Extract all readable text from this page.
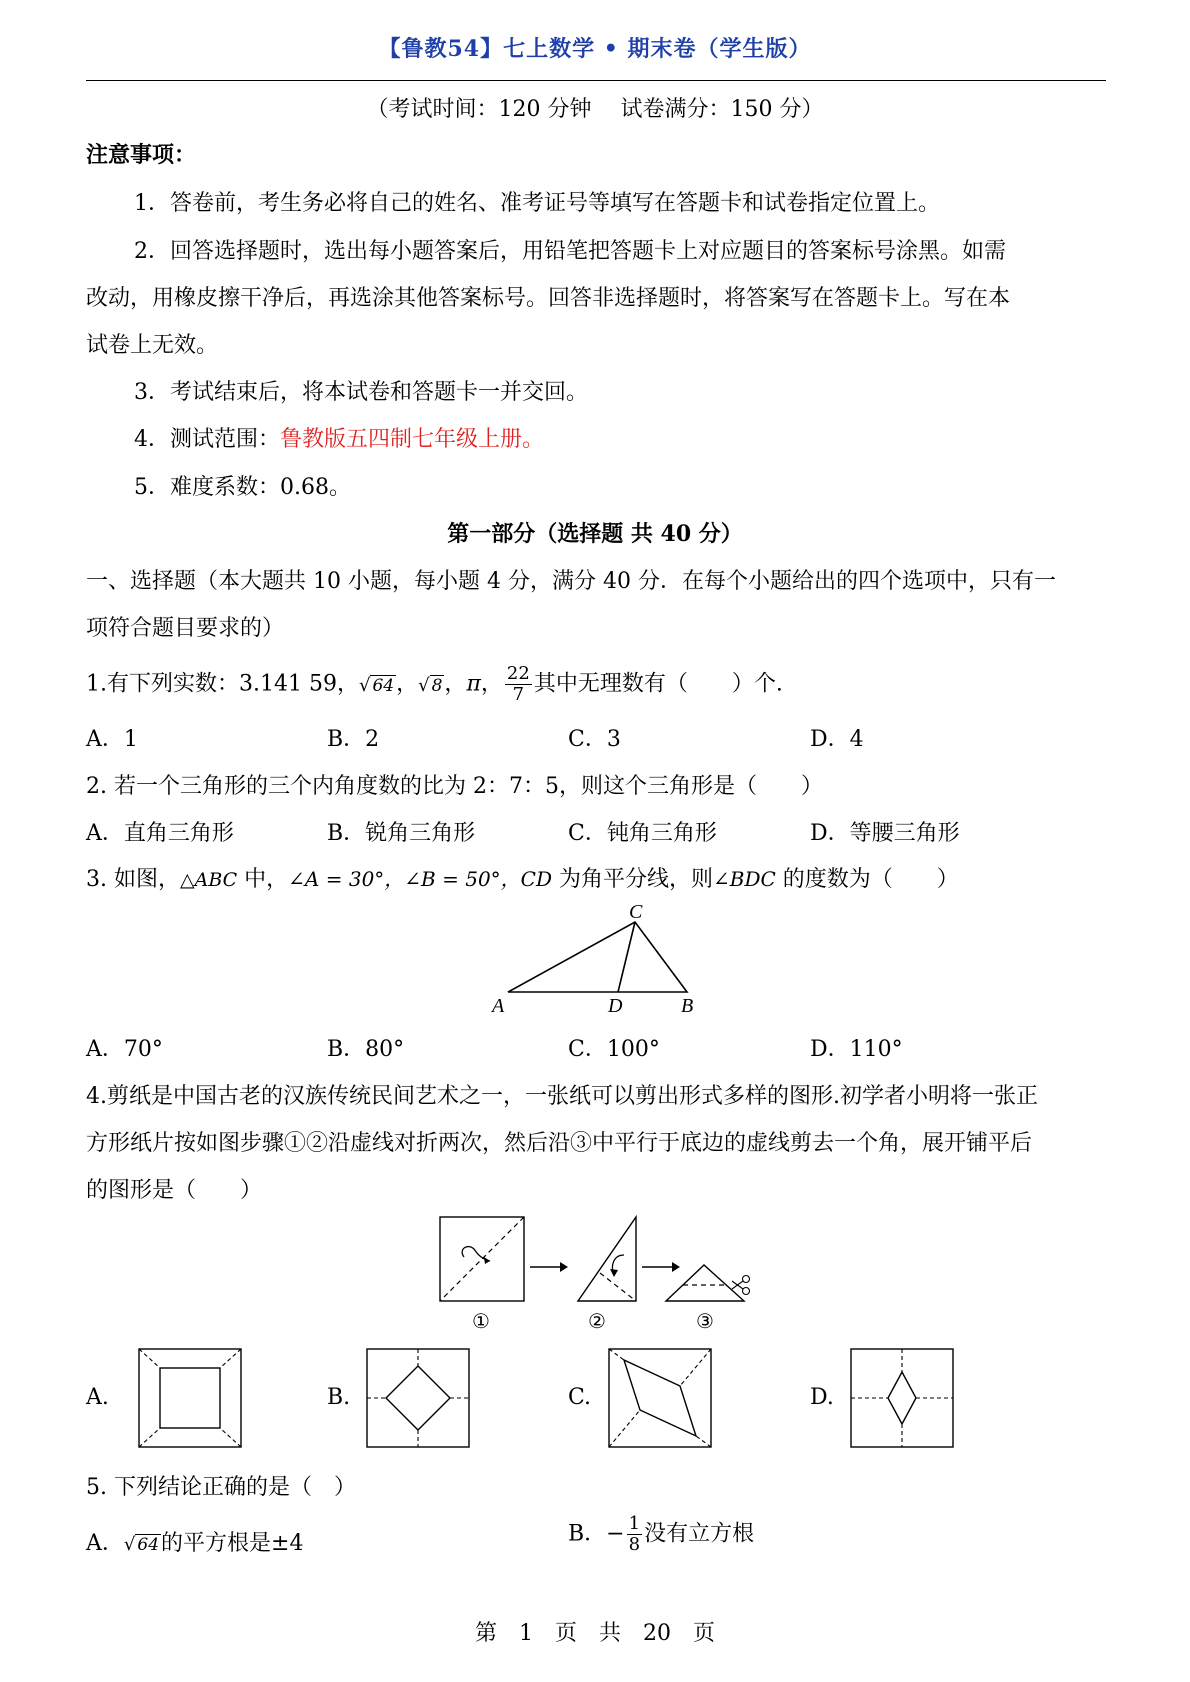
【鲁教54】七上数学 • 期末卷（学生版）
（考试时间：120 分钟　 试卷满分：150 分）
注意事项：
1．答卷前，考生务必将自己的姓名、准考证号等填写在答题卡和试卷指定位置上。
2．回答选择题时，选出每小题答案后，用铅笔把答题卡上对应题目的答案标号涂黑。如需
改动，用橡皮擦干净后，再选涂其他答案标号。回答非选择题时，将答案写在答题卡上。写在本
试卷上无效。
3．考试结束后，将本试卷和答题卡一并交回。
4．测试范围：鲁教版五四制七年级上册。
5．难度系数：0.68。
第一部分（选择题 共 40 分）
一、选择题（本大题共 10 小题，每小题 4 分，满分 40 分．在每个小题给出的四个选项中，只有一
项符合题目要求的）
1.有下列实数：3.141 59，√ 64，√ 8，π， $\frac{22}{7}$ 其中无理数有（　　）个.
A．1	B．2	C．3	D．4
2. 若一个三角形的三个内角度数的比为 2：7：5，则这个三角形是（　　）
A．直角三角形	B．锐角三角形	C．钝角三角形	D．等腰三角形
3. 如图，△ABC 中，∠A = 30°，∠B = 50°，CD 为角平分线，则∠BDC 的度数为（　　）
C
A	D	B
A．70°	B．80°	C．100°	D．110°
4.剪纸是中国古老的汉族传统民间艺术之一，一张纸可以剪出形式多样的图形.初学者小明将一张正
方形纸片按如图步骤①②沿虚线对折两次，然后沿③中平行于底边的虚线剪去一个角，展开铺平后
的图形是（　　）
①	②	③
A.	B.	C.	D.
5. 下列结论正确的是（　）
A．√ 64的平方根是±4	B．− $\frac{1}{8}$ 没有立方根
第　1　页　共　20　页
